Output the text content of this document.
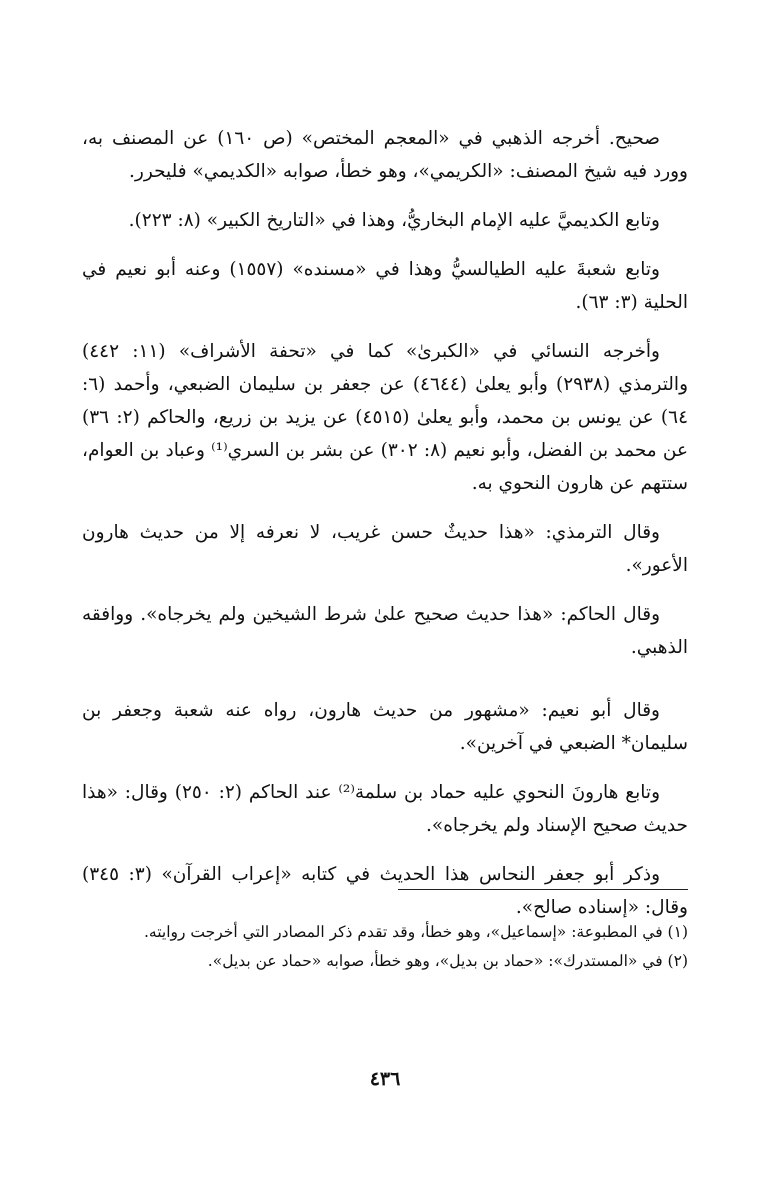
صحيح. أخرجه الذهبي في «المعجم المختص» (ص ١٦٠) عن المصنف به، وورد فيه شيخ المصنف: «الكريمي»، وهو خطأ، صوابه «الكديمي» فليحرر.

وتابع الكديميَّ عليه الإمام البخاريُّ، وهذا في «التاريخ الكبير» (٨: ٢٢٣).

وتابع شعبةَ عليه الطيالسيُّ وهذا في «مسنده» (١٥٥٧) وعنه أبو نعيم في الحلية (٣: ٦٣).

وأخرجه النسائي في «الكبرىٰ» كما في «تحفة الأشراف» (١١: ٤٤٢) والترمذي (٢٩٣٨) وأبو يعلىٰ (٤٦٤٤) عن جعفر بن سليمان الضبعي، وأحمد (٦: ٦٤) عن يونس بن محمد، وأبو يعلىٰ (٤٥١٥) عن يزيد بن زريع، والحاكم (٢: ٣٦) عن محمد بن الفضل، وأبو نعيم (٨: ٣٠٢) عن بشر بن السري⁽¹⁾ وعباد بن العوام، ستتهم عن هارون النحوي به.

وقال الترمذي: «هذا حديثٌ حسن غريب، لا نعرفه إلا من حديث هارون الأعور».

وقال الحاكم: «هذا حديث صحيح علىٰ شرط الشيخين ولم يخرجاه». ووافقه الذهبي.

وقال أبو نعيم: «مشهور من حديث هارون، رواه عنه شعبة وجعفر بن سليمان* الضبعي في آخرين».

وتابع هارونَ النحوي عليه حماد بن سلمة⁽²⁾ عند الحاكم (٢: ٢٥٠) وقال: «هذا حديث صحيح الإسناد ولم يخرجاه».

وذكر أبو جعفر النحاس هذا الحديث في كتابه «إعراب القرآن» (٣: ٣٤٥) وقال: «إسناده صالح».

(١) في المطبوعة: «إسماعيل»، وهو خطأ، وقد تقدم ذكر المصادر التي أخرجت روايته.

(٢) في «المستدرك»: «حماد بن بديل»، وهو خطأ، صوابه «حماد عن بديل».

٤٣٦
